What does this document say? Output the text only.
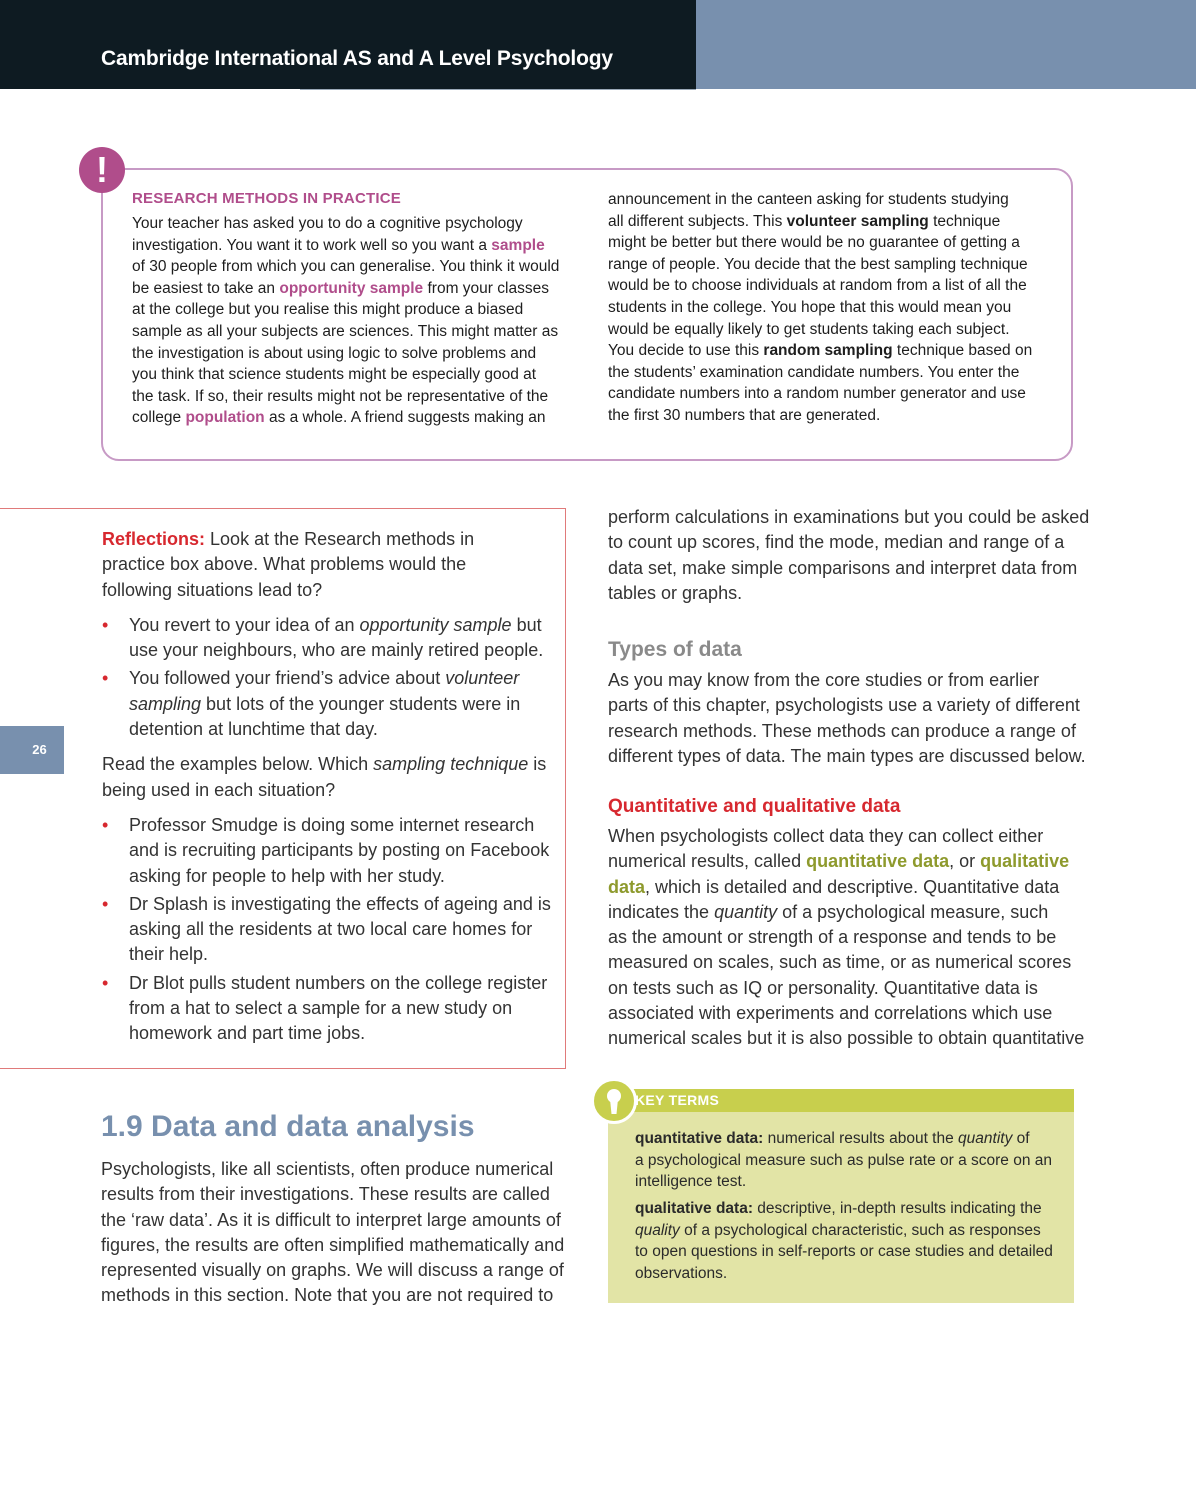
Cambridge International AS and A Level Psychology
!
RESEARCH METHODS IN PRACTICE
Your teacher has asked you to do a cognitive psychology
investigation. You want it to work well so you want a sample
of 30 people from which you can generalise. You think it would
be easiest to take an opportunity sample from your classes
at the college but you realise this might produce a biased
sample as all your subjects are sciences. This might matter as
the investigation is about using logic to solve problems and
you think that science students might be especially good at
the task. If so, their results might not be representative of the
college population as a whole. A friend suggests making an
announcement in the canteen asking for students studying
all different subjects. This volunteer sampling technique
might be better but there would be no guarantee of getting a
range of people. You decide that the best sampling technique
would be to choose individuals at random from a list of all the
students in the college. You hope that this would mean you
would be equally likely to get students taking each subject.
You decide to use this random sampling technique based on
the students’ examination candidate numbers. You enter the
candidate numbers into a random number generator and use
the first 30 numbers that are generated.
Reflections: Look at the Research methods in
practice box above. What problems would the
following situations lead to?
• You revert to your idea of an opportunity sample but
use your neighbours, who are mainly retired people.
• You followed your friend’s advice about volunteer
sampling but lots of the younger students were in
detention at lunchtime that day.
Read the examples below. Which sampling technique is
being used in each situation?
• Professor Smudge is doing some internet research
and is recruiting participants by posting on Facebook
asking for people to help with her study.
• Dr Splash is investigating the effects of ageing and is
asking all the residents at two local care homes for
their help.
• Dr Blot pulls student numbers on the college register
from a hat to select a sample for a new study on
homework and part time jobs.
26
1.9 Data and data analysis
Psychologists, like all scientists, often produce numerical
results from their investigations. These results are called
the ‘raw data’. As it is difficult to interpret large amounts of
figures, the results are often simplified mathematically and
represented visually on graphs. We will discuss a range of
methods in this section. Note that you are not required to
perform calculations in examinations but you could be asked
to count up scores, find the mode, median and range of a
data set, make simple comparisons and interpret data from
tables or graphs.
Types of data
As you may know from the core studies or from earlier
parts of this chapter, psychologists use a variety of different
research methods. These methods can produce a range of
different types of data. The main types are discussed below.
Quantitative and qualitative data
When psychologists collect data they can collect either
numerical results, called quantitative data, or qualitative
data, which is detailed and descriptive. Quantitative data
indicates the quantity of a psychological measure, such
as the amount or strength of a response and tends to be
measured on scales, such as time, or as numerical scores
on tests such as IQ or personality. Quantitative data is
associated with experiments and correlations which use
numerical scales but it is also possible to obtain quantitative
KEY TERMS
quantitative data: numerical results about the quantity of
a psychological measure such as pulse rate or a score on an
intelligence test.
qualitative data: descriptive, in-depth results indicating the
quality of a psychological characteristic, such as responses
to open questions in self-reports or case studies and detailed
observations.
